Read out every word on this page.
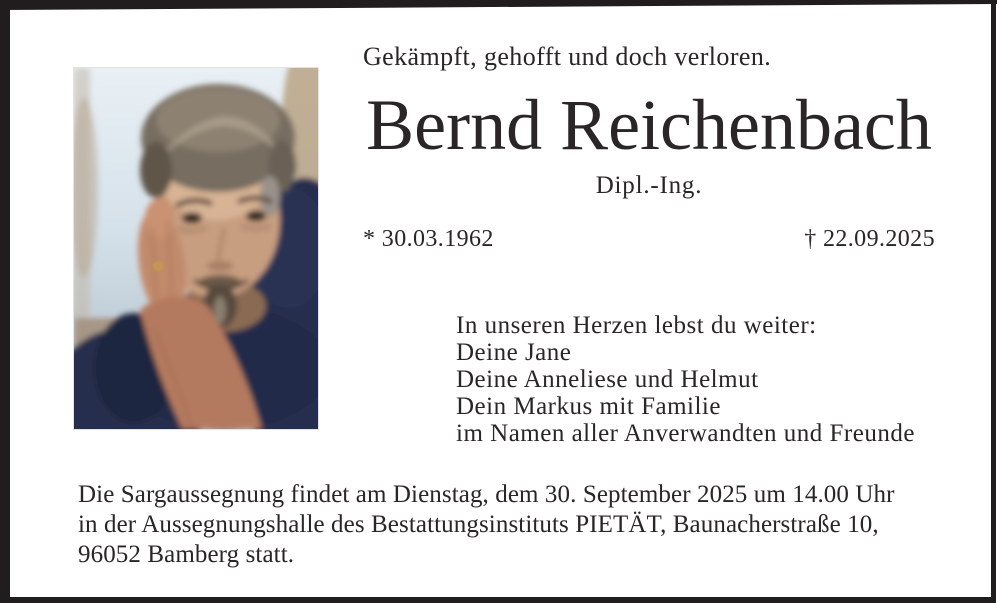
Gekämpft, gehofft und doch verloren.
Bernd Reichenbach
Dipl.-Ing.
* 30.03.1962	† 22.09.2025
In unseren Herzen lebst du weiter:
Deine Jane
Deine Anneliese und Helmut
Dein Markus mit Familie
im Namen aller Anverwandten und Freunde
Die Sargaussegnung findet am Dienstag, dem 30. September 2025 um 14.00 Uhr
in der Aussegnungshalle des Bestattungsinstituts PIETÄT, Baunacherstraße 10,
96052 Bamberg statt.
